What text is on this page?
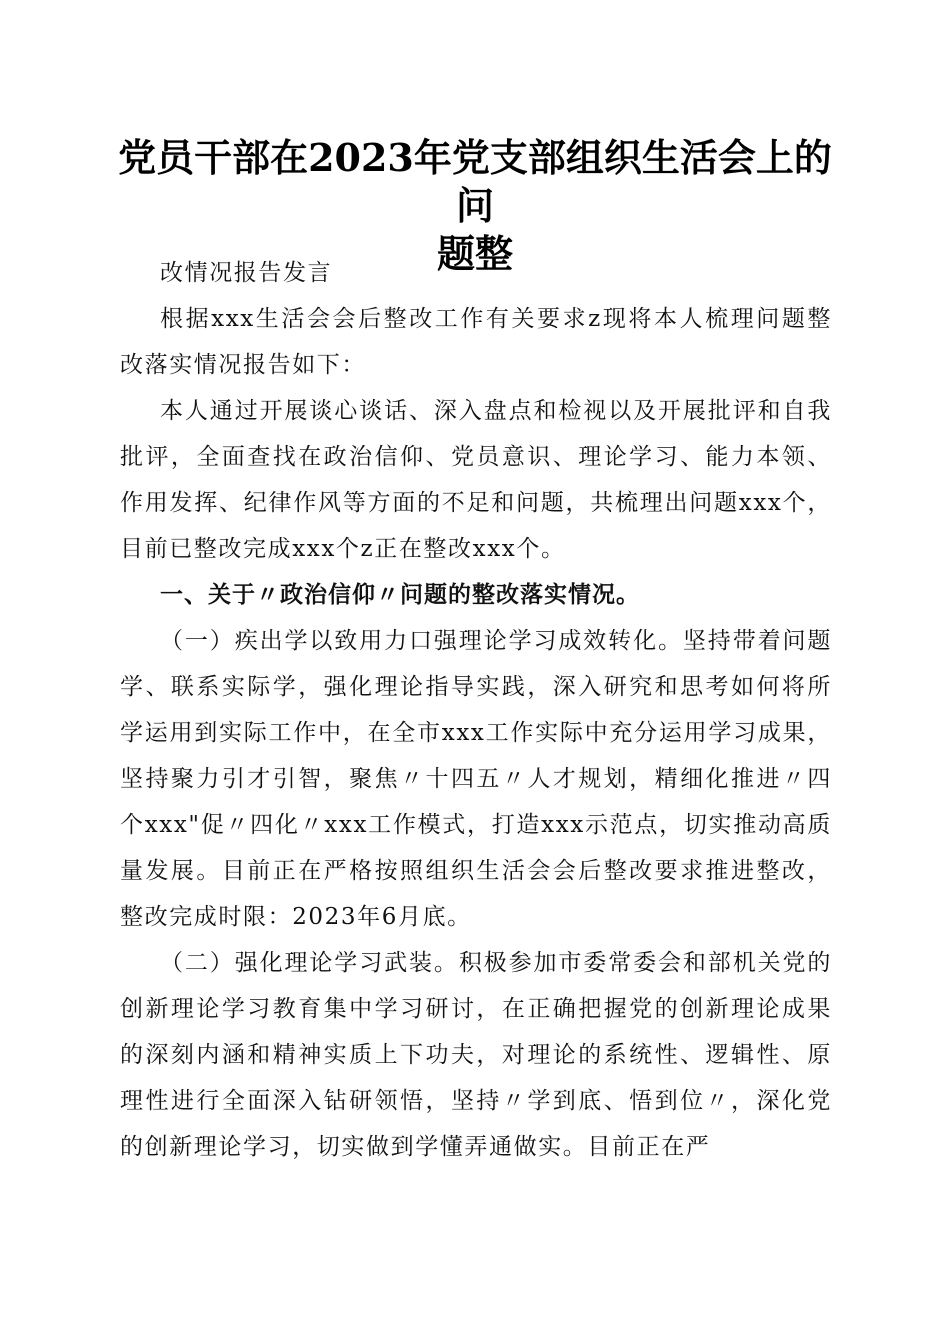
党员干部在2023年党支部组织生活会上的问
题整

改情况报告发言

根据xxx生活会会后整改工作有关要求z现将本人梳理问题整改落实情况报告如下：

本人通过开展谈心谈话、深入盘点和检视以及开展批评和自我批评，全面查找在政治信仰、党员意识、理论学习、能力本领、作用发挥、纪律作风等方面的不足和问题，共梳理出问题xxx个，目前已整改完成xxx个z正在整改xxx个。

一、关于〃政治信仰〃问题的整改落实情况。

（一）疾出学以致用力口强理论学习成效转化。坚持带着问题学、联系实际学，强化理论指导实践，深入研究和思考如何将所学运用到实际工作中，在全市xxx工作实际中充分运用学习成果，坚持聚力引才引智，聚焦〃十四五〃人才规划，精细化推进〃四个xxx"促〃四化〃xxx工作模式，打造xxx示范点，切实推动高质量发展。目前正在严格按照组织生活会会后整改要求推进整改，整改完成时限：2023年6月底。

（二）强化理论学习武装。积极参加市委常委会和部机关党的创新理论学习教育集中学习研讨，在正确把握党的创新理论成果的深刻内涵和精神实质上下功夫，对理论的系统性、逻辑性、原理性进行全面深入钻研领悟，坚持〃学到底、悟到位〃，深化党的创新理论学习，切实做到学懂弄通做实。目前正在严
